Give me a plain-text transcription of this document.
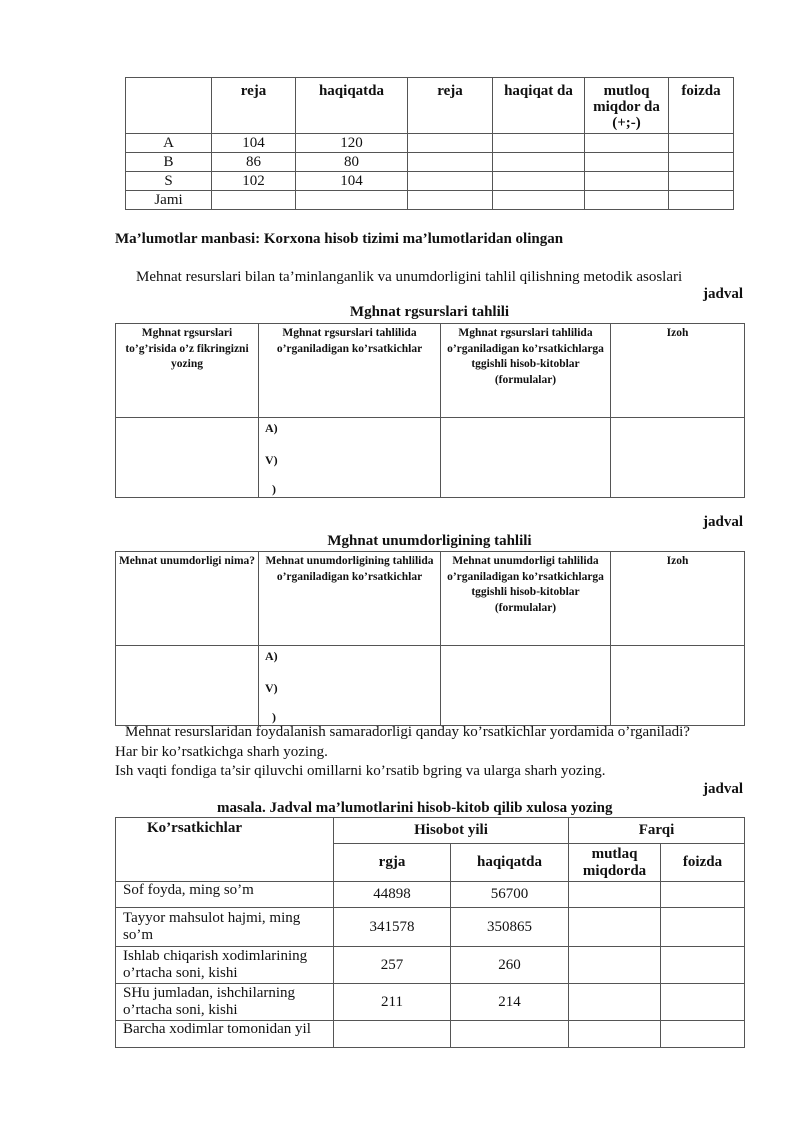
	reja	haqiqatda	reja	haqiqat da	mutloq miqdor da (+;-)	foizda
A	104	120				
B	86	80				
S	102	104				
Jami						
Ma’lumotlar manbasi: Korxona hisob tizimi ma’lumotlaridan olingan
Mehnat resurslari bilan ta’minlanganlik va unumdorligini tahlil qilishning metodik asoslari
jadval
Mghnat rgsurslari tahlili
Mghnat rgsurslari to’g’risida o’z fikringizni yozing	Mghnat rgsurslari tahlilida o’rganiladigan ko’rsatkichlar	Mghnat rgsurslari tahlilida o’rganiladigan ko’rsatkichlarga tggishli hisob-kitoblar (formulalar)	Izoh

	A)
V)
)		

jadval
Mghnat unumdorligining tahlili
Mehnat unumdorligi nima?	Mehnat unumdorligining tahlilida o’rganiladigan ko’rsatkichlar	Mehnat unumdorligi tahlilida o’rganiladigan ko’rsatkichlarga tggishli hisob-kitoblar (formulalar)	Izoh

	A)
V)
)		

Mehnat resurslaridan foydalanish samaradorligi qanday ko’rsatkichlar yordamida o’rganiladi?
Har bir ko’rsatkichga sharh yozing.
Ish vaqti fondiga ta’sir qiluvchi omillarni ko’rsatib bgring va ularga sharh yozing.
jadval
masala. Jadval ma’lumotlarini hisob-kitob qilib xulosa yozing
Ko’rsatkichlar	Hisobot yili		Farqi	
	rgja	haqiqatda	mutlaq miqdorda	foizda
Sof foyda, ming so’m	44898	56700		
Tayyor mahsulot hajmi, ming so’m	341578	350865		
Ishlab chiqarish xodimlarining o’rtacha soni, kishi	257	260		
SHu jumladan, ishchilarning o’rtacha soni, kishi	211	214		
Barcha xodimlar tomonidan yil				
